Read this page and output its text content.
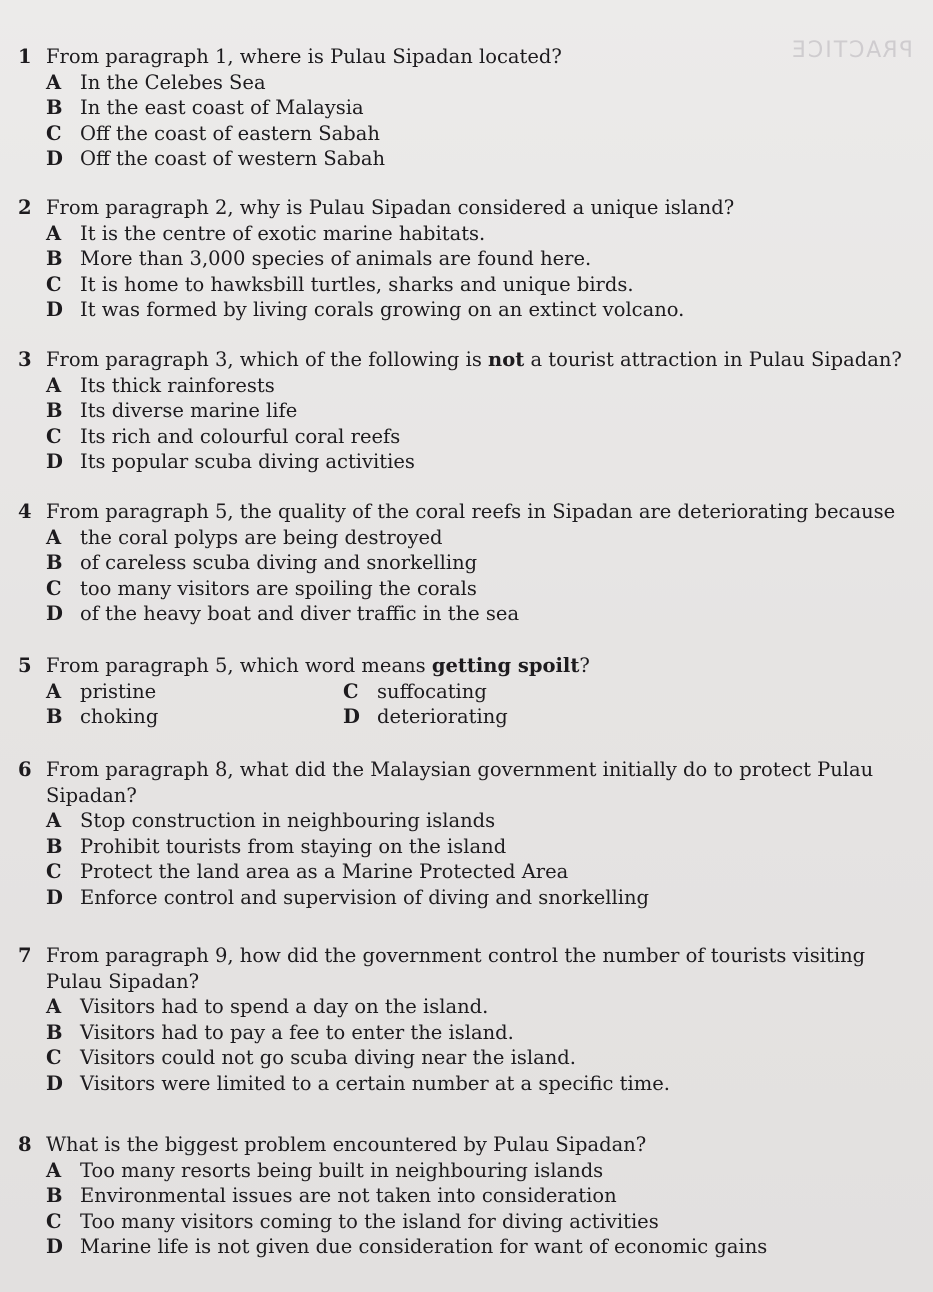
PRACTICE
1 From paragraph 1, where is Pulau Sipadan located?
A In the Celebes Sea
B In the east coast of Malaysia
C Off the coast of eastern Sabah
D Off the coast of western Sabah
2 From paragraph 2, why is Pulau Sipadan considered a unique island?
A It is the centre of exotic marine habitats.
B More than 3,000 species of animals are found here.
C It is home to hawksbill turtles, sharks and unique birds.
D It was formed by living corals growing on an extinct volcano.
3 From paragraph 3, which of the following is not a tourist attraction in Pulau Sipadan?
A Its thick rainforests
B Its diverse marine life
C Its rich and colourful coral reefs
D Its popular scuba diving activities
4 From paragraph 5, the quality of the coral reefs in Sipadan are deteriorating because
A the coral polyps are being destroyed
B of careless scuba diving and snorkelling
C too many visitors are spoiling the corals
D of the heavy boat and diver traffic in the sea
5 From paragraph 5, which word means getting spoilt?
A pristine	C suffocating
B choking	D deteriorating
6 From paragraph 8, what did the Malaysian government initially do to protect Pulau Sipadan?
A Stop construction in neighbouring islands
B Prohibit tourists from staying on the island
C Protect the land area as a Marine Protected Area
D Enforce control and supervision of diving and snorkelling
7 From paragraph 9, how did the government control the number of tourists visiting Pulau Sipadan?
A Visitors had to spend a day on the island.
B Visitors had to pay a fee to enter the island.
C Visitors could not go scuba diving near the island.
D Visitors were limited to a certain number at a specific time.
8 What is the biggest problem encountered by Pulau Sipadan?
A Too many resorts being built in neighbouring islands
B Environmental issues are not taken into consideration
C Too many visitors coming to the island for diving activities
D Marine life is not given due consideration for want of economic gains
